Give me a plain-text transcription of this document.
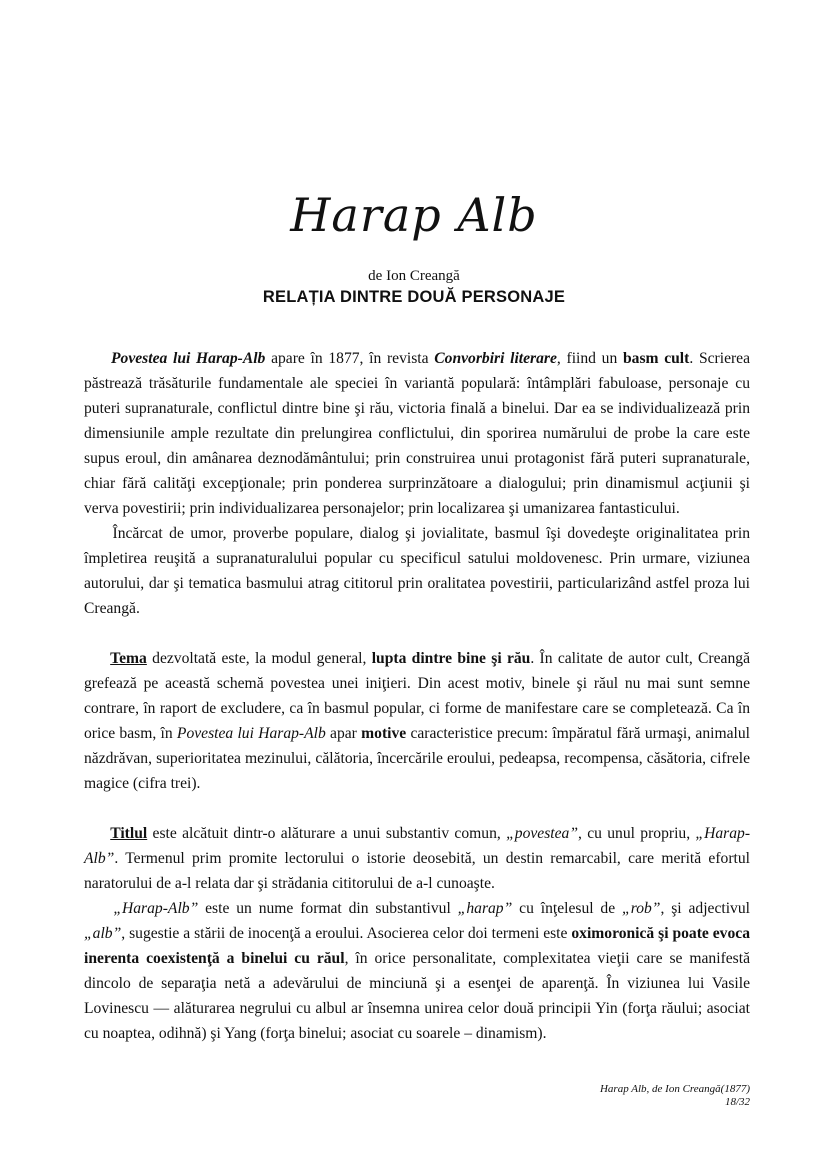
Harap Alb
de Ion Creangă
RELAȚIA DINTRE DOUĂ PERSONAJE

   Povestea lui Harap-Alb apare în 1877, în revista Convorbiri literare, fiind un basm cult. Scrierea păstrează trăsăturile fundamentale ale speciei în variantă populară: întâmplări fabuloase, personaje cu puteri supranaturale, conflictul dintre bine şi rău, victoria finală a binelui. Dar ea se individualizează prin dimensiunile ample rezultate din prelungirea conflictului, din sporirea numărului de probe la care este supus eroul, din amânarea deznodământului; prin construirea unui protagonist fără puteri supranaturale, chiar fără calităţi excepţionale; prin ponderea surprinzătoare a dialogului; prin dinamismul acţiunii şi verva povestirii; prin individualizarea personajelor; prin localizarea şi umanizarea fantasticului.

   Încărcat de umor, proverbe populare, dialog şi jovialitate, basmul îşi dovedeşte originalitatea prin împletirea reuşită a supranaturalului popular cu specificul satului moldovenesc. Prin urmare, viziunea autorului, dar şi tematica basmului atrag cititorul prin oralitatea povestirii, particularizând astfel proza lui Creangă.

   Tema dezvoltată este, la modul general, lupta dintre bine şi rău. În calitate de autor cult, Creangă grefează pe această schemă povestea unei iniţieri. Din acest motiv, binele şi răul nu mai sunt semne contrare, în raport de excludere, ca în basmul popular, ci forme de manifestare care se completează. Ca în orice basm, în Povestea lui Harap-Alb apar motive caracteristice precum: împăratul fără urmaşi, animalul năzdrăvan, superioritatea mezinului, călătoria, încercările eroului, pedeapsa, recompensa, căsătoria, cifrele magice (cifra trei).

   Titlul este alcătuit dintr-o alăturare a unui substantiv comun, „povestea”, cu unul propriu, „Harap-Alb”. Termenul prim promite lectorului o istorie deosebită, un destin remarcabil, care merită efortul naratorului de a-l relata dar şi strădania cititorului de a-l cunoaşte.

   „Harap-Alb” este un nume format din substantivul „harap” cu înţelesul de „rob”, şi adjectivul „alb”, sugestie a stării de inocenţă a eroului. Asocierea celor doi termeni este oximoronică şi poate evoca inerenta coexistenţă a binelui cu răul, în orice personalitate, complexitatea vieţii care se manifestă dincolo de separaţia netă a adevărului de minciună şi a esenţei de aparenţă. În viziunea lui Vasile Lovinescu — alăturarea negrului cu albul ar însemna unirea celor două principii Yin (forţa răului; asociat cu noaptea, odihnă) şi Yang (forţa binelui; asociat cu soarele – dinamism).

Harap Alb, de Ion Creangă(1877)
18/32
